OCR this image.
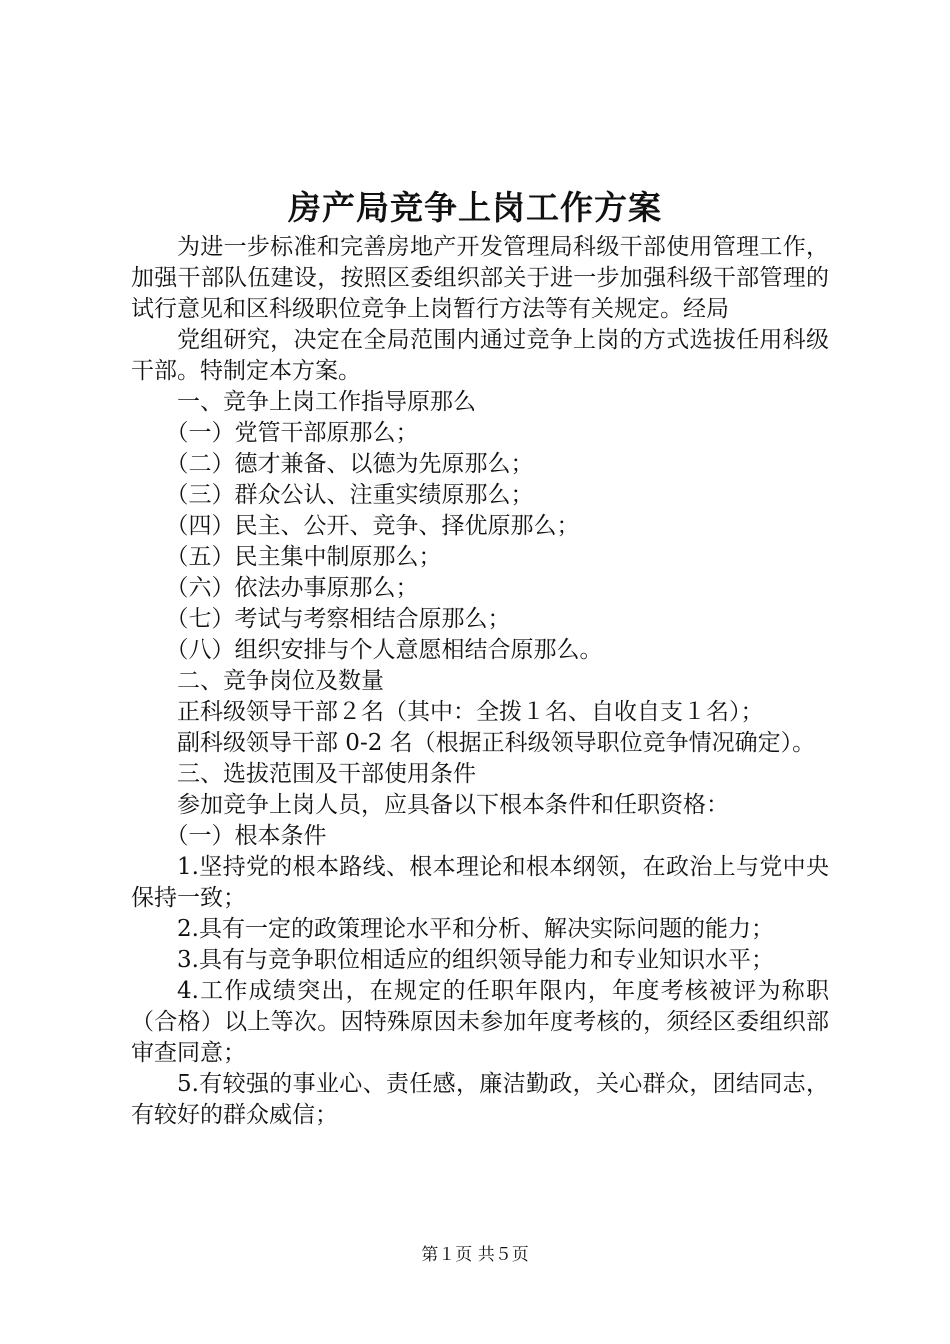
房产局竞争上岗工作方案

为进一步标准和完善房地产开发管理局科级干部使用管理工作，加强干部队伍建设，按照区委组织部关于进一步加强科级干部管理的试行意见和区科级职位竞争上岗暂行方法等有关规定。经局

党组研究，决定在全局范围内通过竞争上岗的方式选拔任用科级干部。特制定本方案。

一、竞争上岗工作指导原那么

（一）党管干部原那么；

（二）德才兼备、以德为先原那么；

（三）群众公认、注重实绩原那么；

（四）民主、公开、竞争、择优原那么；

（五）民主集中制原那么；

（六）依法办事原那么；

（七）考试与考察相结合原那么；

（八）组织安排与个人意愿相结合原那么。

二、竞争岗位及数量

正科级领导干部２名（其中：全拨１名、自收自支１名）；

副科级领导干部 0-2 名（根据正科级领导职位竞争情况确定）。

三、选拔范围及干部使用条件

参加竞争上岗人员，应具备以下根本条件和任职资格：

（一）根本条件

1.坚持党的根本路线、根本理论和根本纲领，在政治上与党中央保持一致；

2.具有一定的政策理论水平和分析、解决实际问题的能力；

3.具有与竞争职位相适应的组织领导能力和专业知识水平；

4.工作成绩突出，在规定的任职年限内，年度考核被评为称职（合格）以上等次。因特殊原因未参加年度考核的，须经区委组织部审查同意；

5.有较强的事业心、责任感，廉洁勤政，关心群众，团结同志，有较好的群众威信；

第１页 共５页
